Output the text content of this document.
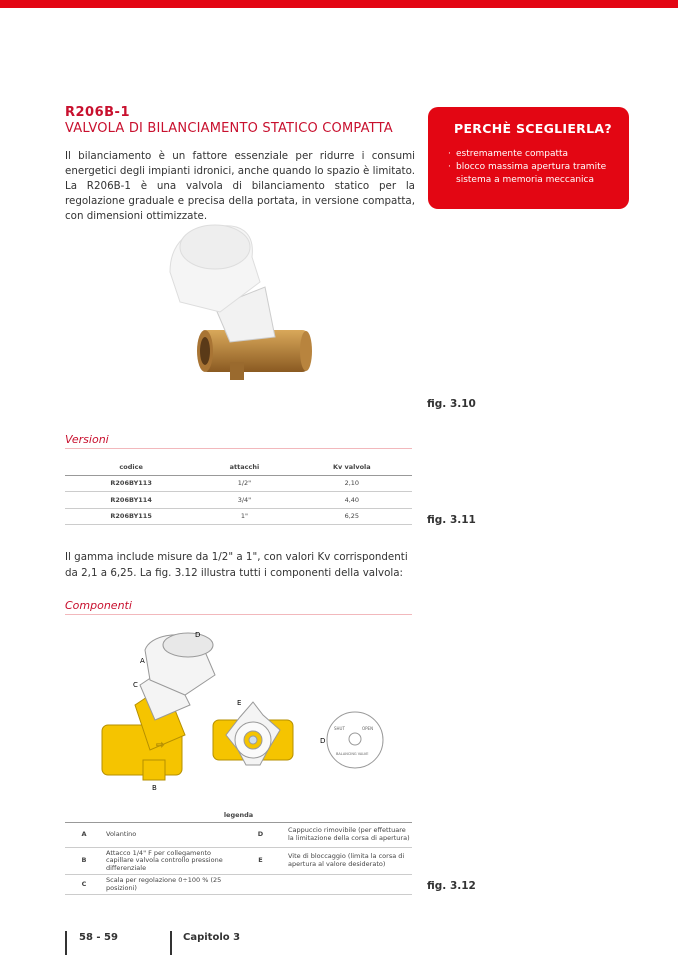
R206B-1
VALVOLA DI BILANCIAMENTO STATICO COMPATTA
Il bilanciamento è un fattore essenziale per ridurre i consumi energetici degli impianti idronici, anche quando lo spazio è limitato. La R206B-1 è una valvola di bilanciamento statico per la regolazione graduale e precisa della portata, in versione compatta, con dimensioni ottimizzate.
PERCHÈ SCEGLIERLA?
· estremamente compatta
· blocco massima apertura tramite sistema a memoria meccanica
fig. 3.10
Versioni
codice	attacchi	Kv valvola
R206BY113	1/2"	2,10
R206BY114	3/4"	4,40
R206BY115	1"	6,25	fig. 3.11
Il gamma include misure da 1/2" a 1", con valori Kv corrispondenti da 2,1 a 6,25. La fig. 3.12 illustra tutti i componenti della valvola:
Componenti
⇨
D
A
C
B
E
SHUT	OPEN
BALANCING VALVE
D
legenda			
A	Volantino	D	Cappuccio rimovibile (per effettuare la limitazione della corsa di apertura)
B	Attacco 1/4" F per collegamento capillare valvola controllo pressione differenziale	E	Vite di bloccaggio (limita la corsa di apertura al valore desiderato)
C	Scala per regolazione 0÷100 % (25 posizioni)			fig. 3.12
58 - 59	Capitolo 3
